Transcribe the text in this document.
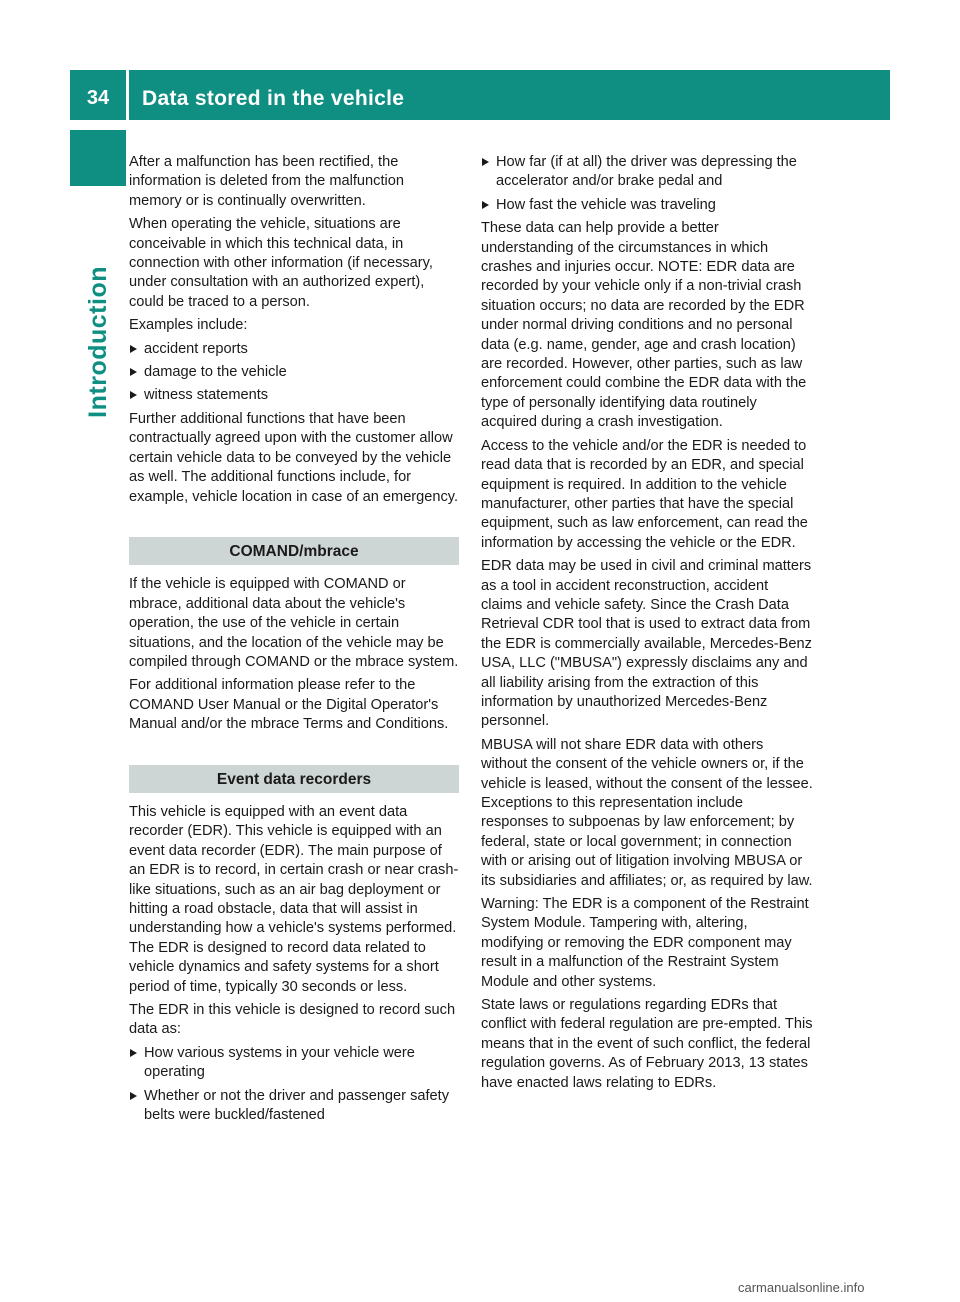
34	Data stored in the vehicle
Introduction

After a malfunction has been rectified, the information is deleted from the malfunction memory or is continually overwritten.

When operating the vehicle, situations are conceivable in which this technical data, in connection with other information (if necessary, under consultation with an authorized expert), could be traced to a person.

Examples include:

accident reports
damage to the vehicle
witness statements

Further additional functions that have been contractually agreed upon with the customer allow certain vehicle data to be conveyed by the vehicle as well. The additional functions include, for example, vehicle location in case of an emergency.

COMAND/mbrace

If the vehicle is equipped with COMAND or mbrace, additional data about the vehicle's operation, the use of the vehicle in certain situations, and the location of the vehicle may be compiled through COMAND or the mbrace system.

For additional information please refer to the COMAND User Manual or the Digital Operator's Manual and/or the mbrace Terms and Conditions.

Event data recorders

This vehicle is equipped with an event data recorder (EDR). This vehicle is equipped with an event data recorder (EDR). The main purpose of an EDR is to record, in certain crash or near crash-like situations, such as an air bag deployment or hitting a road obstacle, data that will assist in understanding how a vehicle's systems performed. The EDR is designed to record data related to vehicle dynamics and safety systems for a short period of time, typically 30 seconds or less.

The EDR in this vehicle is designed to record such data as:

How various systems in your vehicle were operating
Whether or not the driver and passenger safety belts were buckled/fastened
How far (if at all) the driver was depressing the accelerator and/or brake pedal and
How fast the vehicle was traveling

These data can help provide a better understanding of the circumstances in which crashes and injuries occur. NOTE: EDR data are recorded by your vehicle only if a non-trivial crash situation occurs; no data are recorded by the EDR under normal driving conditions and no personal data (e.g. name, gender, age and crash location) are recorded. However, other parties, such as law enforcement could combine the EDR data with the type of personally identifying data routinely acquired during a crash investigation.

Access to the vehicle and/or the EDR is needed to read data that is recorded by an EDR, and special equipment is required. In addition to the vehicle manufacturer, other parties that have the special equipment, such as law enforcement, can read the information by accessing the vehicle or the EDR.

EDR data may be used in civil and criminal matters as a tool in accident reconstruction, accident claims and vehicle safety. Since the Crash Data Retrieval CDR tool that is used to extract data from the EDR is commercially available, Mercedes-Benz USA, LLC ("MBUSA") expressly disclaims any and all liability arising from the extraction of this information by unauthorized Mercedes-Benz personnel.

MBUSA will not share EDR data with others without the consent of the vehicle owners or, if the vehicle is leased, without the consent of the lessee. Exceptions to this representation include responses to subpoenas by law enforcement; by federal, state or local government; in connection with or arising out of litigation involving MBUSA or its subsidiaries and affiliates; or, as required by law.

Warning: The EDR is a component of the Restraint System Module. Tampering with, altering, modifying or removing the EDR component may result in a malfunction of the Restraint System Module and other systems.

State laws or regulations regarding EDRs that conflict with federal regulation are pre-empted. This means that in the event of such conflict, the federal regulation governs. As of February 2013, 13 states have enacted laws relating to EDRs.

carmanualsonline.info
